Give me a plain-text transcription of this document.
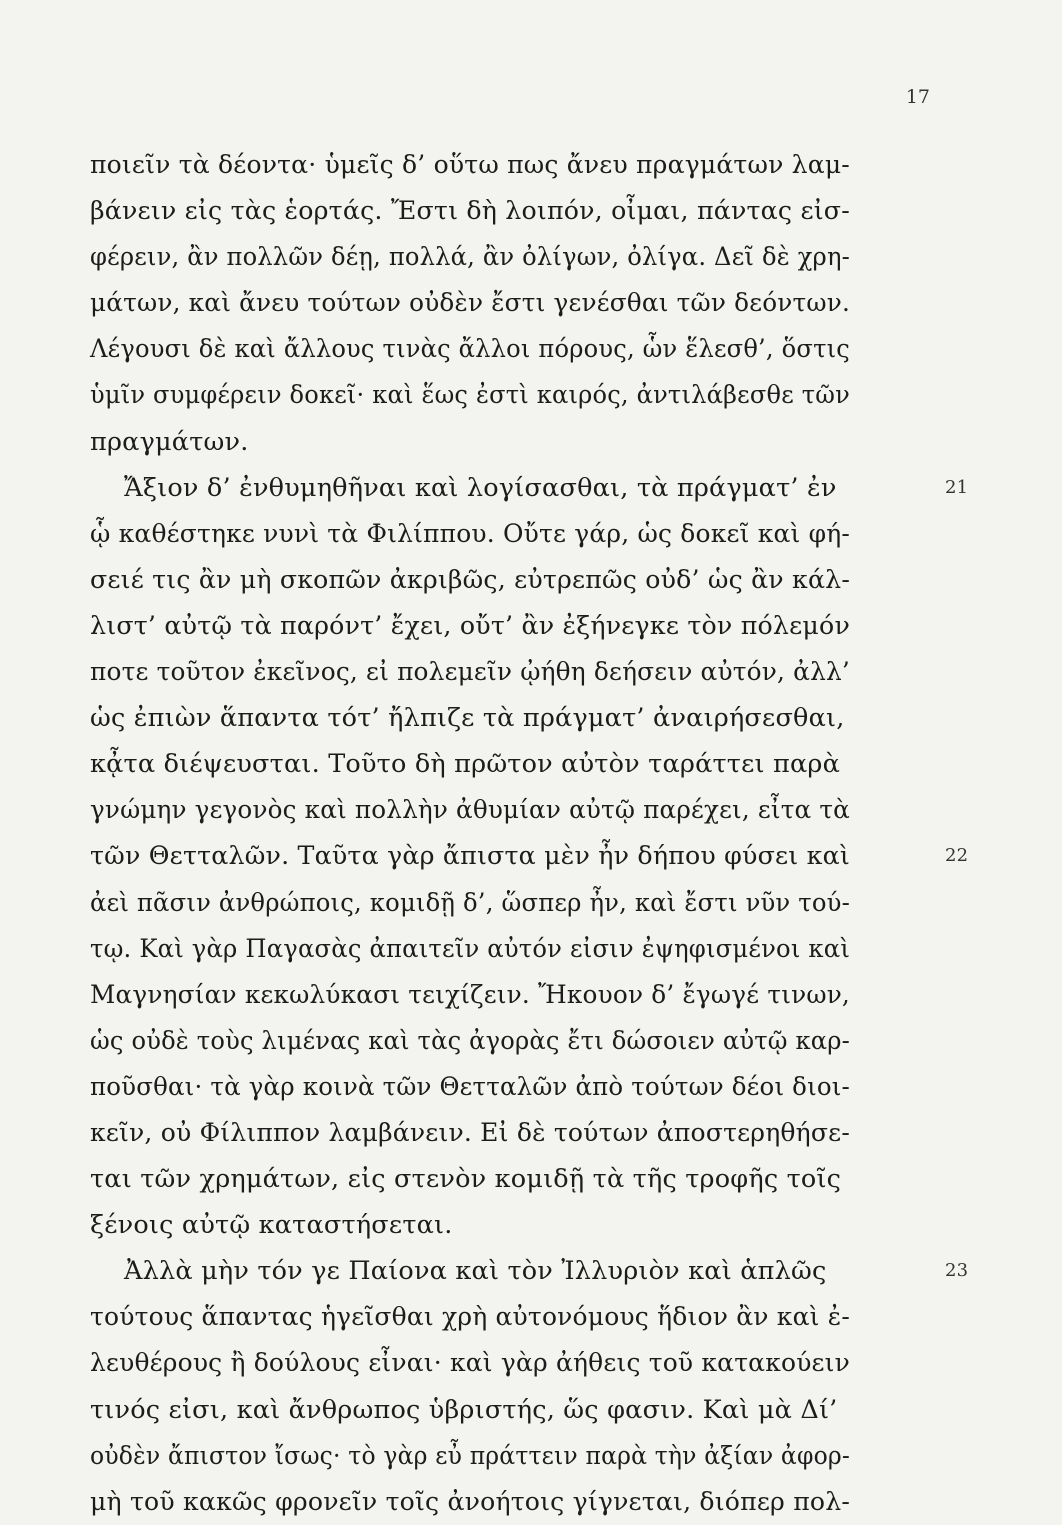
17
ποιεῖν τὰ δέοντα· ὑμεῖς δ’ οὕτω πως ἄνευ πραγμάτων λαμ-
βάνειν εἰς τὰς ἑορτάς. Ἔστι δὴ λοιπόν, οἶμαι, πάντας εἰσ-
φέρειν, ἂν πολλῶν δέῃ, πολλά, ἂν ὀλίγων, ὀλίγα. Δεῖ δὲ χρη-
μάτων, καὶ ἄνευ τούτων οὐδὲν ἔστι γενέσθαι τῶν δεόντων.
Λέγουσι δὲ καὶ ἄλλους τινὰς ἄλλοι πόρους, ὧν ἕλεσθ’, ὅστις
ὑμῖν συμφέρειν δοκεῖ· καὶ ἕως ἐστὶ καιρός, ἀντιλάβεσθε τῶν
πραγμάτων.
Ἄξιον δ’ ἐνθυμηθῆναι καὶ λογίσασθαι, τὰ πράγματ’ ἐν	21
ᾧ καθέστηκε νυνὶ τὰ Φιλίππου. Οὔτε γάρ, ὡς δοκεῖ καὶ φή-
σειέ τις ἂν μὴ σκοπῶν ἀκριβῶς, εὐτρεπῶς οὐδ’ ὡς ἂν κάλ-
λιστ’ αὐτῷ τὰ παρόντ’ ἔχει, οὔτ’ ἂν ἐξήνεγκε τὸν πόλεμόν
ποτε τοῦτον ἐκεῖνος, εἰ πολεμεῖν ᾠήθη δεήσειν αὐτόν, ἀλλ’
ὡς ἐπιὼν ἅπαντα τότ’ ἤλπιζε τὰ πράγματ’ ἀναιρήσεσθαι,
κᾆτα διέψευσται. Τοῦτο δὴ πρῶτον αὐτὸν ταράττει παρὰ
γνώμην γεγονὸς καὶ πολλὴν ἀθυμίαν αὐτῷ παρέχει, εἶτα τὰ
τῶν Θετταλῶν. Ταῦτα γὰρ ἄπιστα μὲν ἦν δήπου φύσει καὶ	22
ἀεὶ πᾶσιν ἀνθρώποις, κομιδῇ δ’, ὥσπερ ἦν, καὶ ἔστι νῦν τού-
τῳ. Καὶ γὰρ Παγασὰς ἀπαιτεῖν αὐτόν εἰσιν ἐψηφισμένοι καὶ
Μαγνησίαν κεκωλύκασι τειχίζειν. Ἤκουον δ’ ἔγωγέ τινων,
ὡς οὐδὲ τοὺς λιμένας καὶ τὰς ἀγορὰς ἔτι δώσοιεν αὐτῷ καρ-
ποῦσθαι· τὰ γὰρ κοινὰ τῶν Θετταλῶν ἀπὸ τούτων δέοι διοι-
κεῖν, οὐ Φίλιππον λαμβάνειν. Εἰ δὲ τούτων ἀποστερηθήσε-
ται τῶν χρημάτων, εἰς στενὸν κομιδῇ τὰ τῆς τροφῆς τοῖς
ξένοις αὐτῷ καταστήσεται.
Ἀλλὰ μὴν τόν γε Παίονα καὶ τὸν Ἰλλυριὸν καὶ ἁπλῶς	23
τούτους ἅπαντας ἡγεῖσθαι χρὴ αὐτονόμους ἥδιον ἂν καὶ ἐ-
λευθέρους ἢ δούλους εἶναι· καὶ γὰρ ἀήθεις τοῦ κατακούειν
τινός εἰσι, καὶ ἄνθρωπος ὑβριστής, ὥς φασιν. Καὶ μὰ Δί’
οὐδὲν ἄπιστον ἴσως· τὸ γὰρ εὖ πράττειν παρὰ τὴν ἀξίαν ἀφορ-
μὴ τοῦ κακῶς φρονεῖν τοῖς ἀνοήτοις γίγνεται, διόπερ πολ-
